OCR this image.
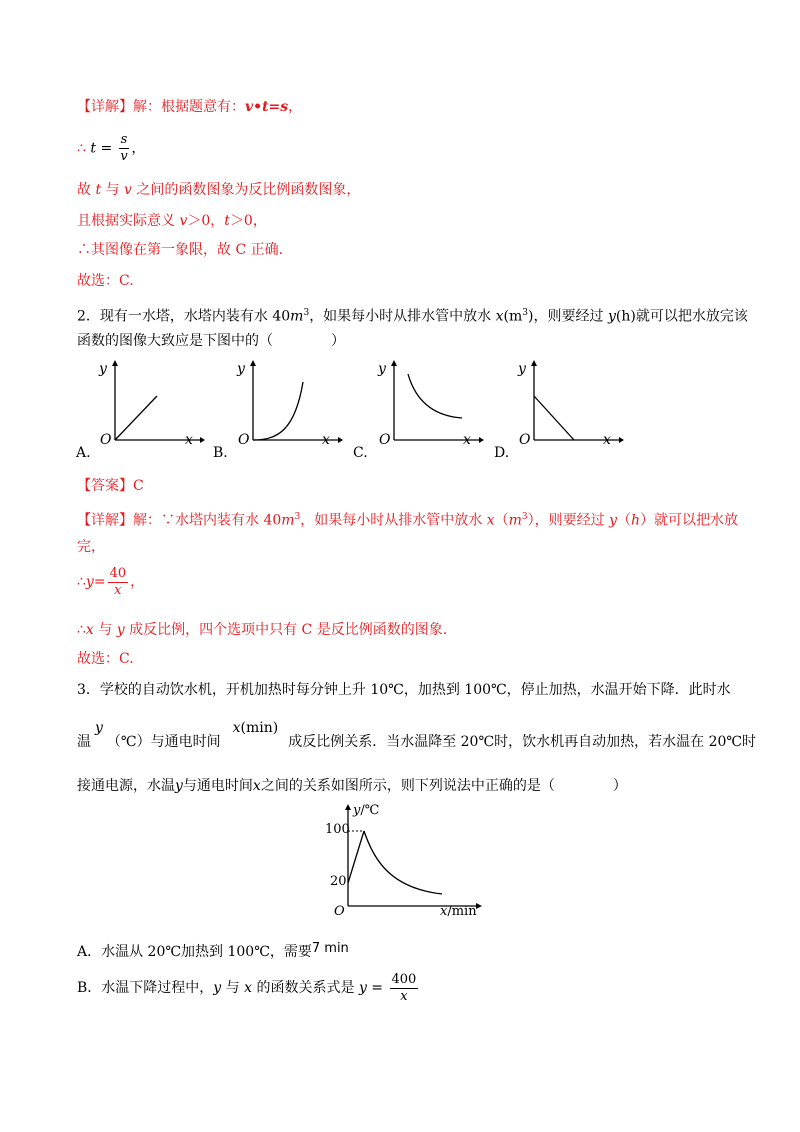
【详解】解：根据题意有：v•t=s，
∴ $t = \frac{s}{v}$ ，
故 t 与 v 之间的函数图象为反比例函数图象，
且根据实际意义 v＞0，t＞0，
∴其图像在第一象限，故 C 正确.
故选：C.
2．现有一水塔，水塔内装有水 $40m^3$，如果每小时从排水管中放水 $x(m^3)$，则要经过 y(h)就可以把水放完该
函数的图像大致应是下图中的（	）
y
O	x
A.
y
O	x
B.
y
O	x
C.
y
O	x
D.
【答案】C
【详解】解：∵水塔内装有水 $40m^3$，如果每小时从排水管中放水 $x(m^3)$，则要经过 y（h）就可以把水放
完，
∴y= $\frac{40}{x}$ ，
∴x 与 y 成反比例，四个选项中只有 C 是反比例函数的图象.
故选：C.
3．学校的自动饮水机，开机加热时每分钟上升 10℃，加热到 100℃，停止加热，水温开始下降．此时水
温y（℃）与通电时间x(min)成反比例关系．当水温降至 20℃时，饮水机再自动加热，若水温在 20℃时
接通电源，水温y与通电时间x之间的关系如图所示，则下列说法中正确的是（	）
y/℃
100
20
O	x/min
A．水温从 20℃加热到 100℃，需要7 min
B．水温下降过程中，y 与 x 的函数关系式是 $y = \frac{400}{x}$
